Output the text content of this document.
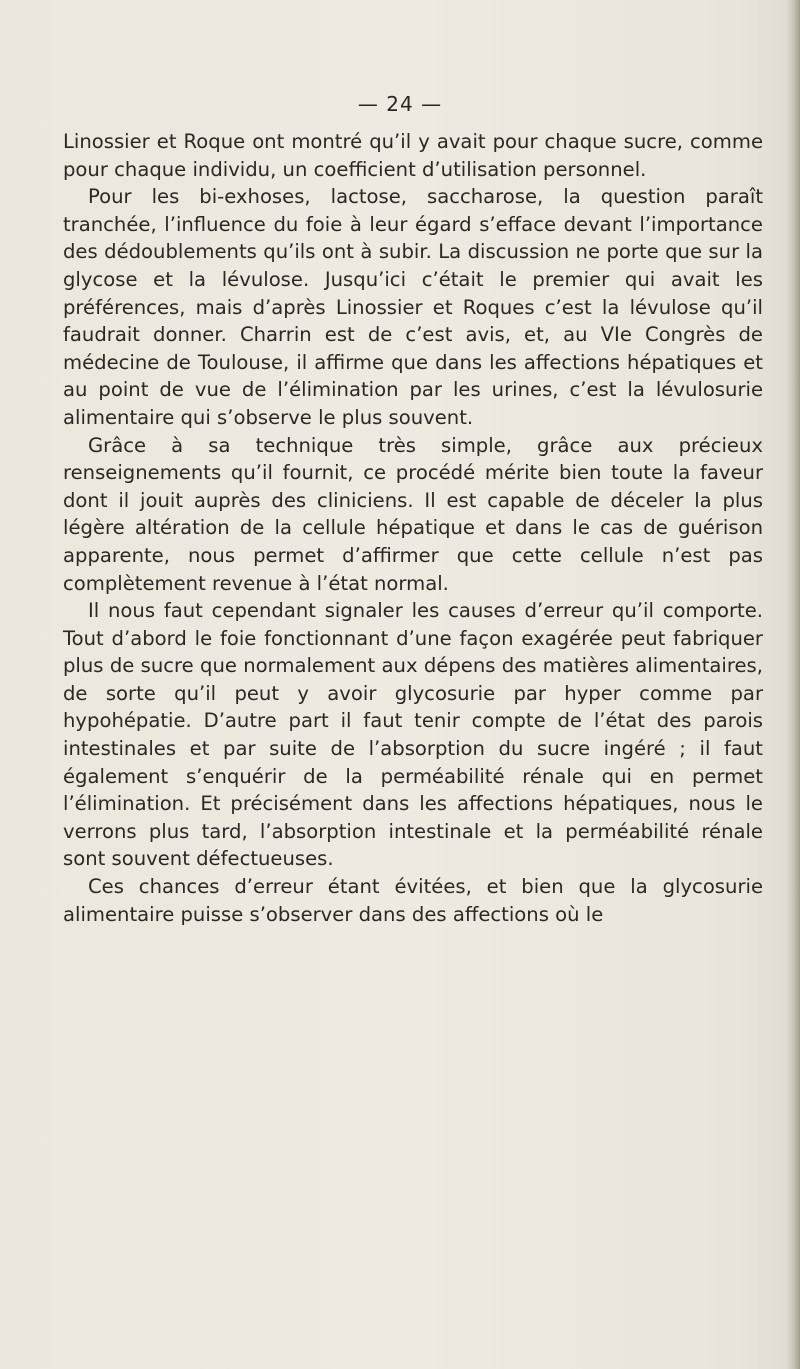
— 24 —

Linossier et Roque ont montré qu’il y avait pour chaque sucre, comme pour chaque individu, un coefficient d’utilisation personnel.

Pour les bi-exhoses, lactose, saccharose, la question paraît tranchée, l’influence du foie à leur égard s’efface devant l’importance des dédoublements qu’ils ont à subir. La discussion ne porte que sur la glycose et la lévulose. Jusqu’ici c’était le premier qui avait les préférences, mais d’après Linossier et Roques c’est la lévulose qu’il faudrait donner. Charrin est de c’est avis, et, au VIe Congrès de médecine de Toulouse, il affirme que dans les affections hépatiques et au point de vue de l’élimination par les urines, c’est la lévulosurie alimentaire qui s’observe le plus souvent.

Grâce à sa technique très simple, grâce aux précieux renseignements qu’il fournit, ce procédé mérite bien toute la faveur dont il jouit auprès des cliniciens. Il est capable de déceler la plus légère altération de la cellule hépatique et dans le cas de guérison apparente, nous permet d’affirmer que cette cellule n’est pas complètement revenue à l’état normal.

Il nous faut cependant signaler les causes d’erreur qu’il comporte. Tout d’abord le foie fonctionnant d’une façon exagérée peut fabriquer plus de sucre que normalement aux dépens des matières alimentaires, de sorte qu’il peut y avoir glycosurie par hyper comme par hypohépatie. D’autre part il faut tenir compte de l’état des parois intestinales et par suite de l’absorption du sucre ingéré ; il faut également s’enquérir de la perméabilité rénale qui en permet l’élimination. Et précisément dans les affections hépatiques, nous le verrons plus tard, l’absorption intestinale et la perméabilité rénale sont souvent défectueuses.

Ces chances d’erreur étant évitées, et bien que la glycosurie alimentaire puisse s’observer dans des affections où le
